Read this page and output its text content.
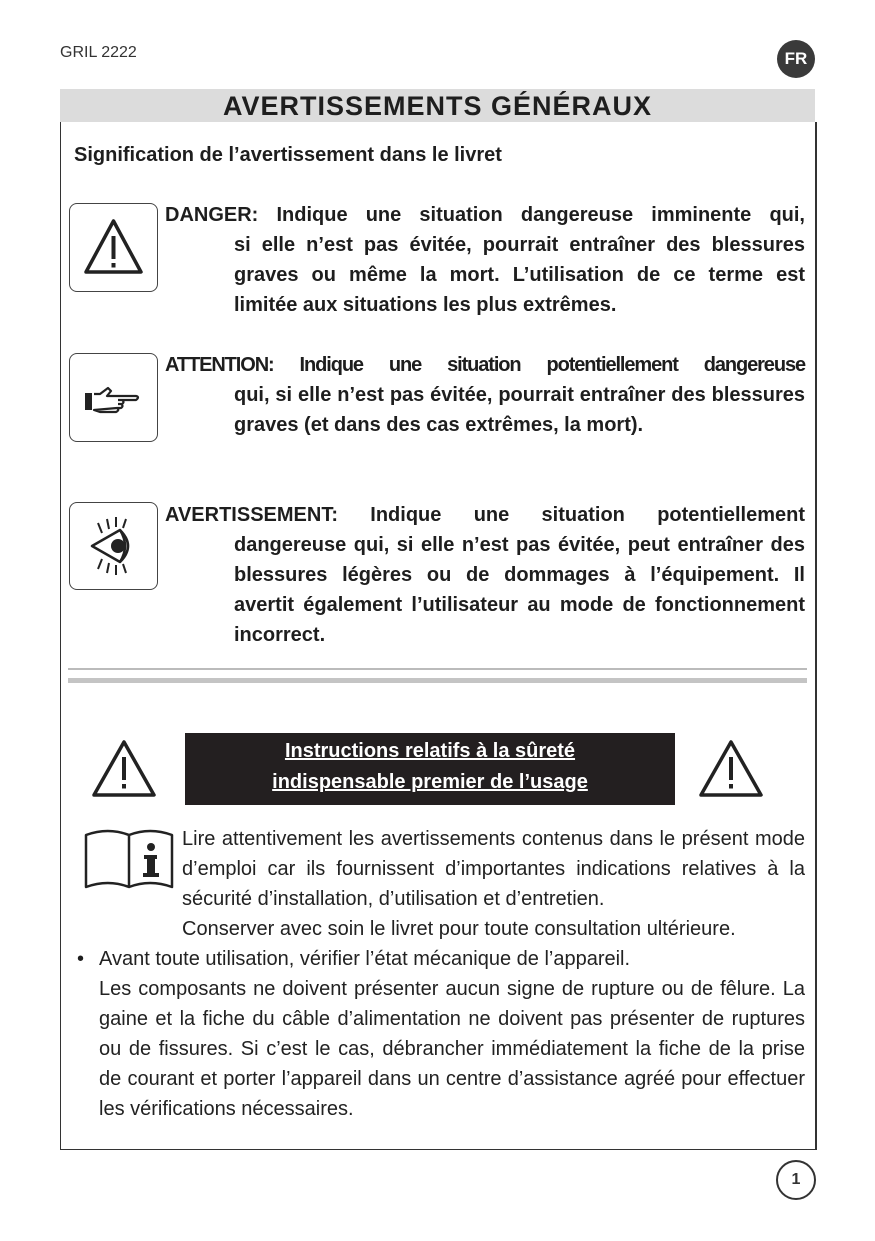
GRIL 2222	FR
AVERTISSEMENTS GÉNÉRAUX
Signification de l’avertissement dans le livret

DANGER: Indique une situation dangereuse imminente qui,

si elle n’est pas évitée, pourrait entraîner des blessures graves ou même la mort. L’utilisation de ce terme est limitée aux situations les plus extrêmes.

ATTENTION: Indique une situation potentiellement dangereuse

qui, si elle n’est pas évitée, pourrait entraîner des blessures graves (et dans des cas extrêmes, la mort).

AVERTISSEMENT: Indique une situation potentiellement

dangereuse qui, si elle n’est pas évitée, peut entraîner des blessures légères ou de dommages à l’équipement. Il avertit également l’utilisateur au mode de fonctionnement incorrect.

Instructions relatifs à la sûreté
indispensable premier de l’usage

Lire attentivement les avertissements contenus dans le présent mode d’emploi car ils fournissent d’importantes indications relatives à la sécurité d’installation, d’utilisation et d’entretien.

Conserver avec soin le livret pour toute consultation ultérieure.

• Avant toute utilisation, vérifier l’état mécanique de l’appareil.

Les composants ne doivent présenter aucun signe de rupture ou de fêlure. La gaine et la fiche du câble d’alimentation ne doivent pas présenter de ruptures ou de fissures. Si c’est le cas, débrancher immédiatement la fiche de la prise de courant et porter l’appareil dans un centre d’assistance agréé pour effectuer les vérifications nécessaires.

1
